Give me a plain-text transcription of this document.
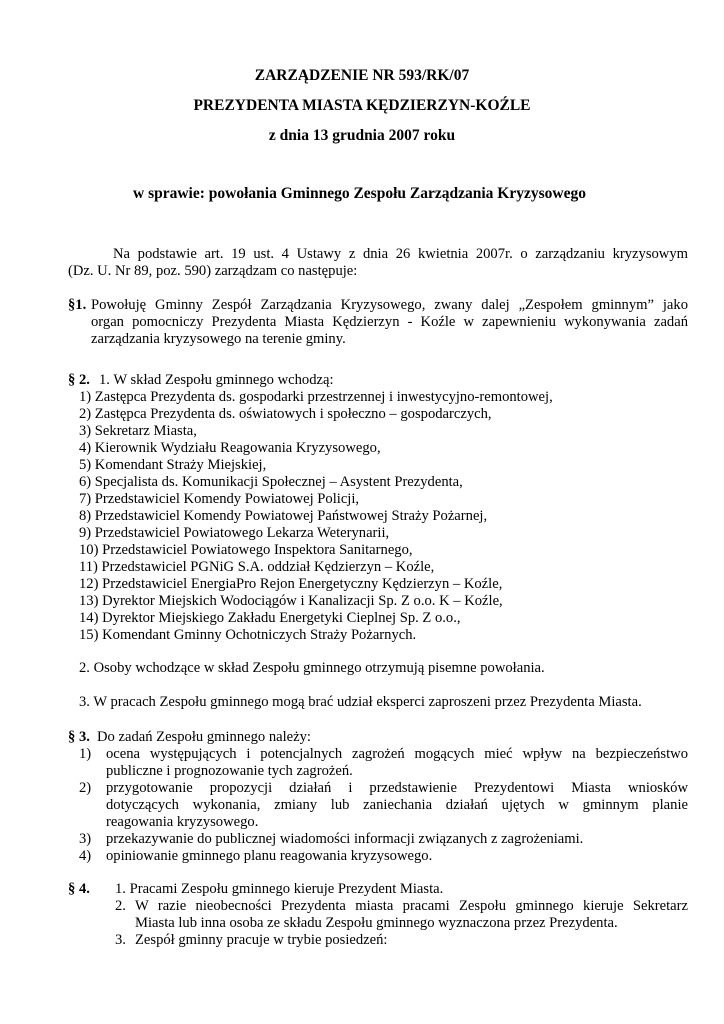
ZARZĄDZENIE NR 593/RK/07
PREZYDENTA MIASTA KĘDZIERZYN-KOŹLE
z dnia 13 grudnia 2007 roku
w sprawie: powołania Gminnego Zespołu Zarządzania Kryzysowego
Na podstawie art. 19 ust. 4 Ustawy z dnia 26 kwietnia 2007r. o zarządzaniu kryzysowym
(Dz. U. Nr 89, poz. 590) zarządzam co następuje:
§1. Powołuję Gminny Zespół Zarządzania Kryzysowego, zwany dalej „Zespołem gminnym” jako
organ pomocniczy Prezydenta Miasta Kędzierzyn - Koźle w zapewnieniu wykonywania zadań
zarządzania kryzysowego na terenie gminy.
§ 2. 1. W skład Zespołu gminnego wchodzą:
1) Zastępca Prezydenta ds. gospodarki przestrzennej i inwestycyjno-remontowej,
2) Zastępca Prezydenta ds. oświatowych i społeczno – gospodarczych,
3) Sekretarz Miasta,
4) Kierownik Wydziału Reagowania Kryzysowego,
5) Komendant Straży Miejskiej,
6) Specjalista ds. Komunikacji Społecznej – Asystent Prezydenta,
7) Przedstawiciel Komendy Powiatowej Policji,
8) Przedstawiciel Komendy Powiatowej Państwowej Straży Pożarnej,
9) Przedstawiciel Powiatowego Lekarza Weterynarii,
10) Przedstawiciel Powiatowego Inspektora Sanitarnego,
11) Przedstawiciel PGNiG S.A. oddział Kędzierzyn – Koźle,
12) Przedstawiciel EnergiaPro Rejon Energetyczny Kędzierzyn – Koźle,
13) Dyrektor Miejskich Wodociągów i Kanalizacji Sp. Z o.o. K – Koźle,
14) Dyrektor Miejskiego Zakładu Energetyki Cieplnej Sp. Z o.o.,
15) Komendant Gminny Ochotniczych Straży Pożarnych.
2. Osoby wchodzące w skład Zespołu gminnego otrzymują pisemne powołania.
3. W pracach Zespołu gminnego mogą brać udział eksperci zaproszeni przez Prezydenta Miasta.
§ 3. Do zadań Zespołu gminnego należy:
1) ocena występujących i potencjalnych zagrożeń mogących mieć wpływ na bezpieczeństwo
publiczne i prognozowanie tych zagrożeń.
2) przygotowanie propozycji działań i przedstawienie Prezydentowi Miasta wniosków
dotyczących wykonania, zmiany lub zaniechania działań ujętych w gminnym planie
reagowania kryzysowego.
3) przekazywanie do publicznej wiadomości informacji związanych z zagrożeniami.
4) opiniowanie gminnego planu reagowania kryzysowego.
§ 4. 1. Pracami Zespołu gminnego kieruje Prezydent Miasta.
2. W razie nieobecności Prezydenta miasta pracami Zespołu gminnego kieruje Sekretarz
Miasta lub inna osoba ze składu Zespołu gminnego wyznaczona przez Prezydenta.
3. Zespół gminny pracuje w trybie posiedzeń:
